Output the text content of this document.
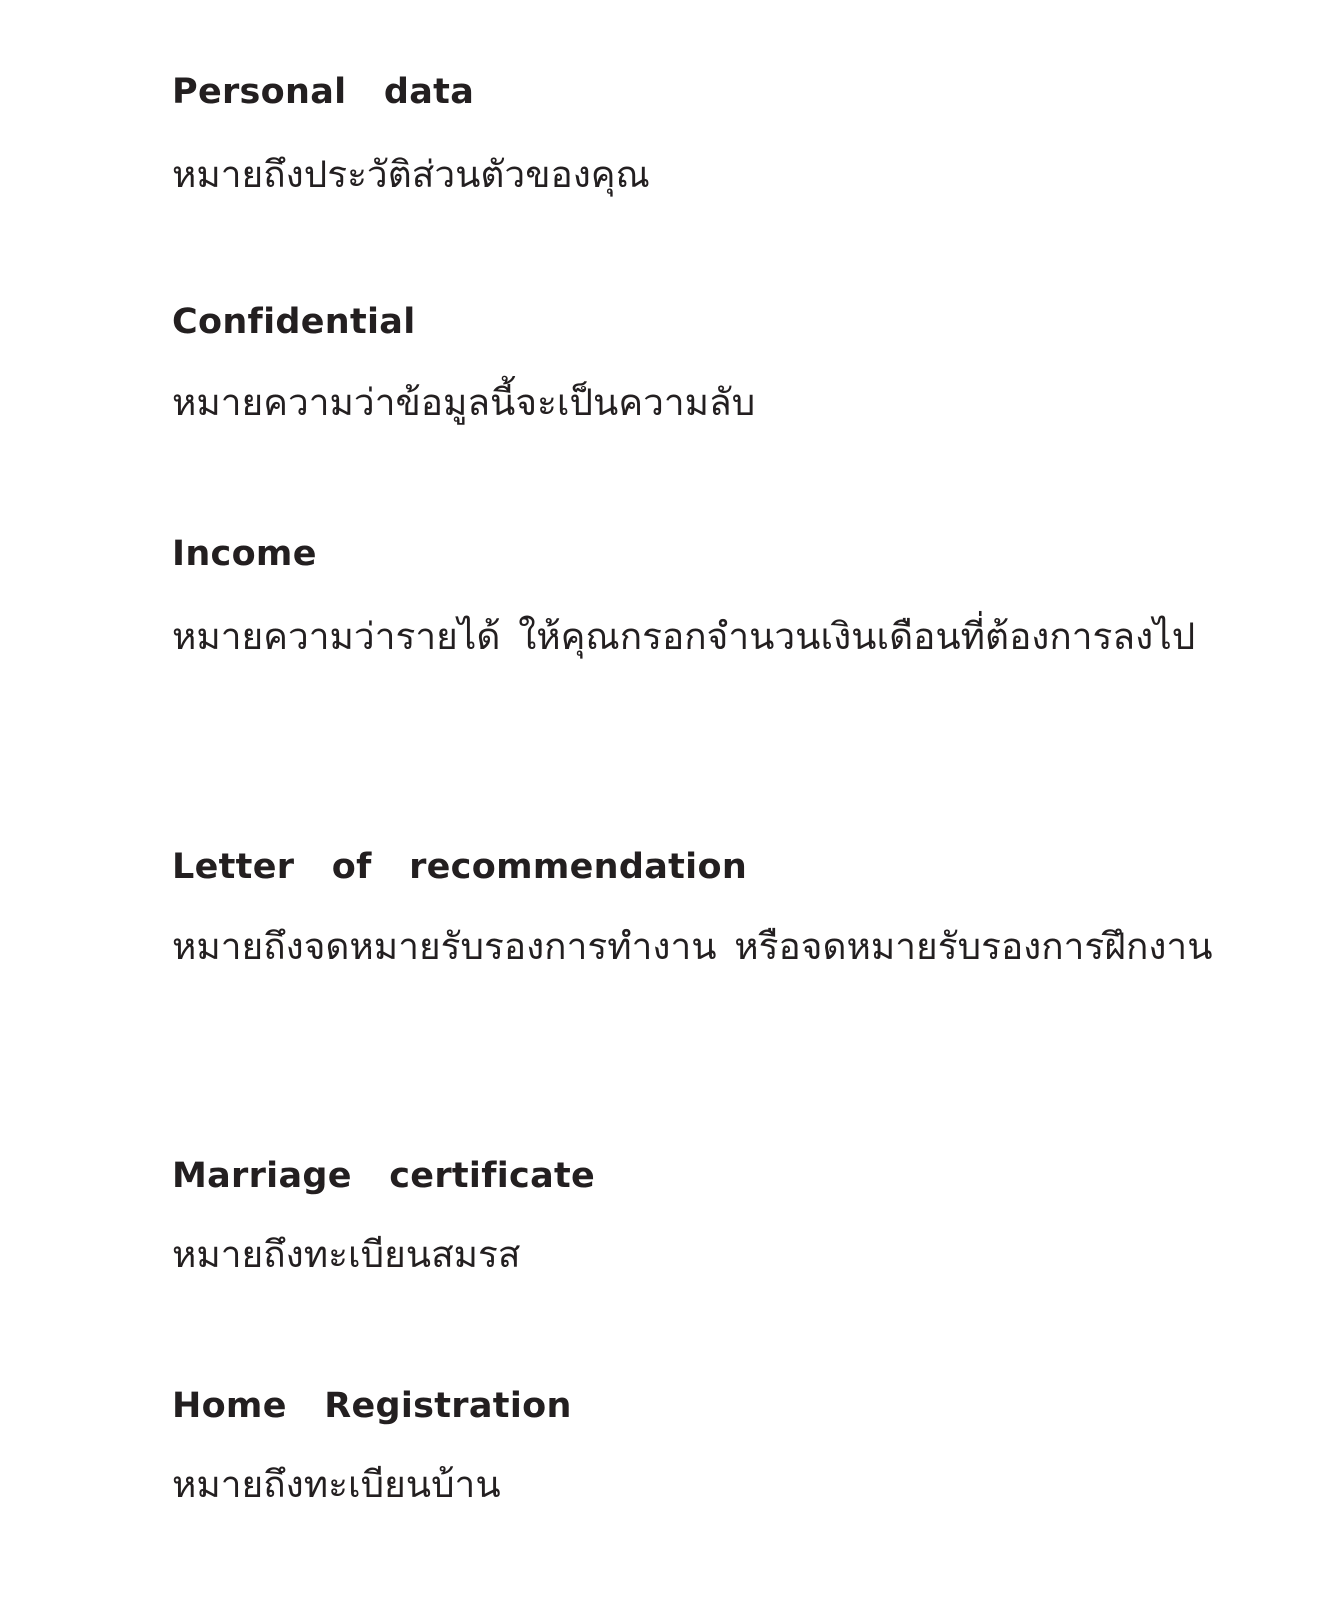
Personal   data

หมายถึงประวัติส่วนตัวของคุณ

Confidential

หมายความว่าข้อมูลนี้จะเป็นความลับ

Income

หมายความว่ารายได้ ให้คุณกรอกจำนวนเงินเดือนที่ต้องการลงไป

Letter   of   recommendation

หมายถึงจดหมายรับรองการทำงาน หรือจดหมายรับรองการฝึกงาน

Marriage   certificate

หมายถึงทะเบียนสมรส

Home   Registration

หมายถึงทะเบียนบ้าน
